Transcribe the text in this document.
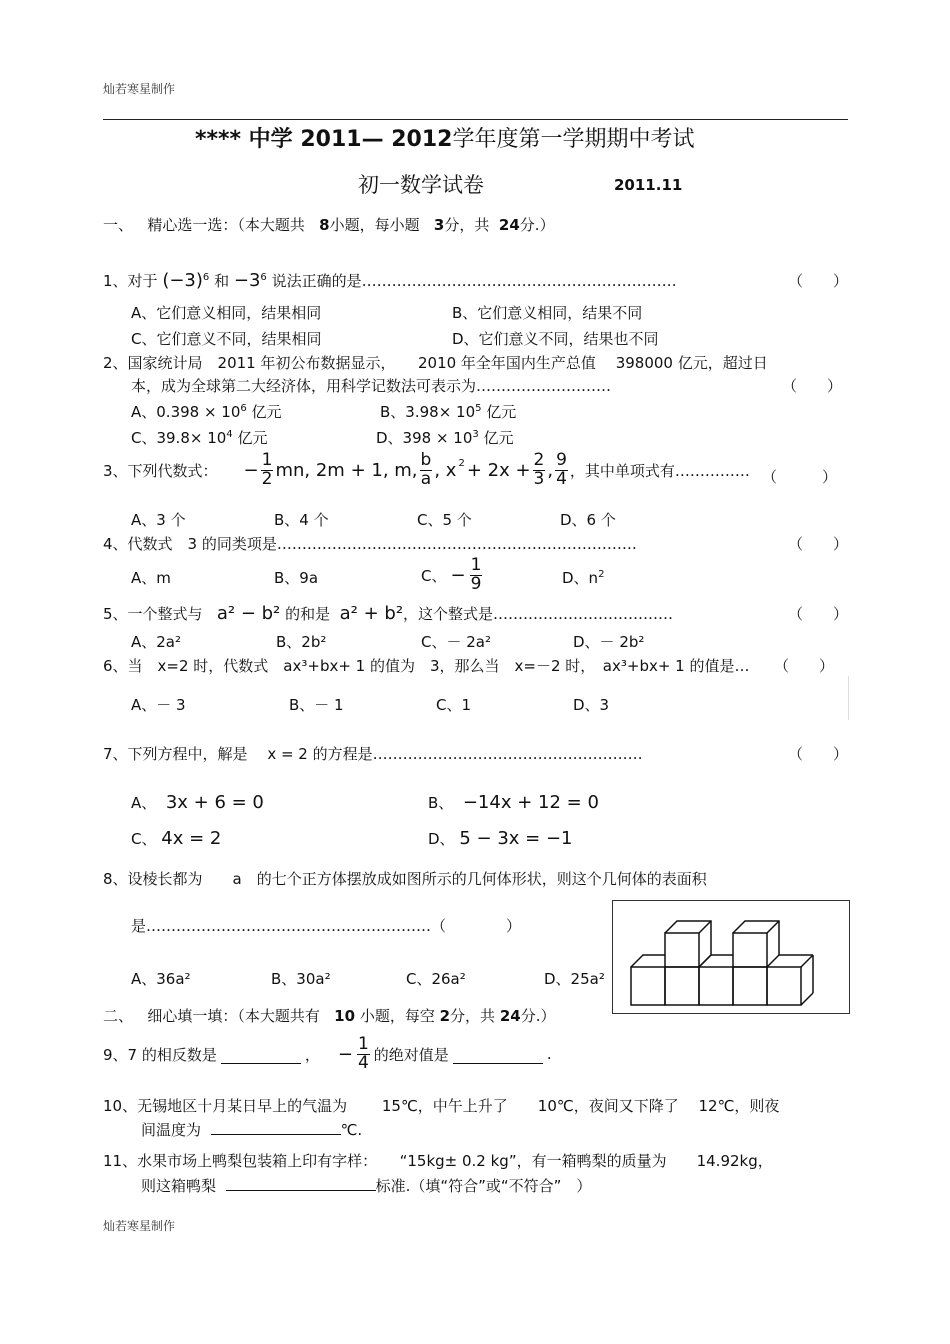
灿若寒星制作
**** 中学 2011— 2012学年度第一学期期中考试
初一数学试卷	2011.11
一、 精心选一选：（本大题共 8小题，每小题 3分，共 24分.）
1、对于 $(-3)^6$ 和 $-3^6$ 说法正确的是………………………………………………………	（　　）
A、它们意义相同，结果相同	B、它们意义相同，结果不同
C、它们意义不同，结果相同	D、它们意义不同，结果也不同
2、国家统计局　2011 年初公布数据显示，　　2010 年全年国内生产总值　 398000 亿元，超过日
本，成为全球第二大经济体，用科学记数法可表示为………………………	（　　）
A、$0.398 \times 10^6$ 亿元	B、$3.98\times 10^5$ 亿元
C、$39.8\times 10^4$ 亿元	D、$398 \times 10^3$ 亿元
3、下列代数式： − $\frac{1}{2}$ mn, 2m + 1, m, $\frac{b}{a}$ , $x^2 + 2x + \frac{2}{3}$ , $\frac{9}{4}$ ，其中单项式有…………… （　　　）
A、3 个	B、4 个	C、5 个	D、6 个
4、代数式　3 的同类项是………………………………………………………………	（　　）
A、m	B、9a	C、 − $\frac{1}{9}$	D、$n^2$
5、一个整式与 a² − b² 的和是 a² + b²，这个整式是………………………………	（　　）
A、2a²	B、2b²	C、－ 2a²	D、－ 2b²
6、当　x=2 时，代数式　ax³+bx+ 1 的值为　3，那么当　x=－2 时，　ax³+bx+ 1 的值是… （　　）
A、－ 3	B、－ 1	C、1	D、3
7、下列方程中，解是　 x = 2 的方程是………………………………………………	（　　）
A、 3x + 6 = 0	B、 −14x + 12 = 0
C、 4x = 2	D、 5 − 3x = −1
8、设棱长都为　　a　的七个正方体摆放成如图所示的几何体形状，则这个几何体的表面积
是…………………………………………………（　　　　）
A、36a²	B、30a²	C、26a²	D、25a²
二、 细心填一填：（本大题共有 10 小题，每空 2分，共 24分.）
9、7 的相反数是	， − $\frac{1}{4}$ 的绝对值是	.
10、无锡地区十月某日早上的气温为　　 15℃，中午上升了　　10℃，夜间又下降了　 12℃，则夜
间温度为	℃.
11、水果市场上鸭梨包装箱上印有字样：　　“15kg± 0.2 kg”，有一箱鸭梨的质量为　　14.92kg，
则这箱鸭梨	标准.（填“符合”或“不符合”　）
灿若寒星制作
